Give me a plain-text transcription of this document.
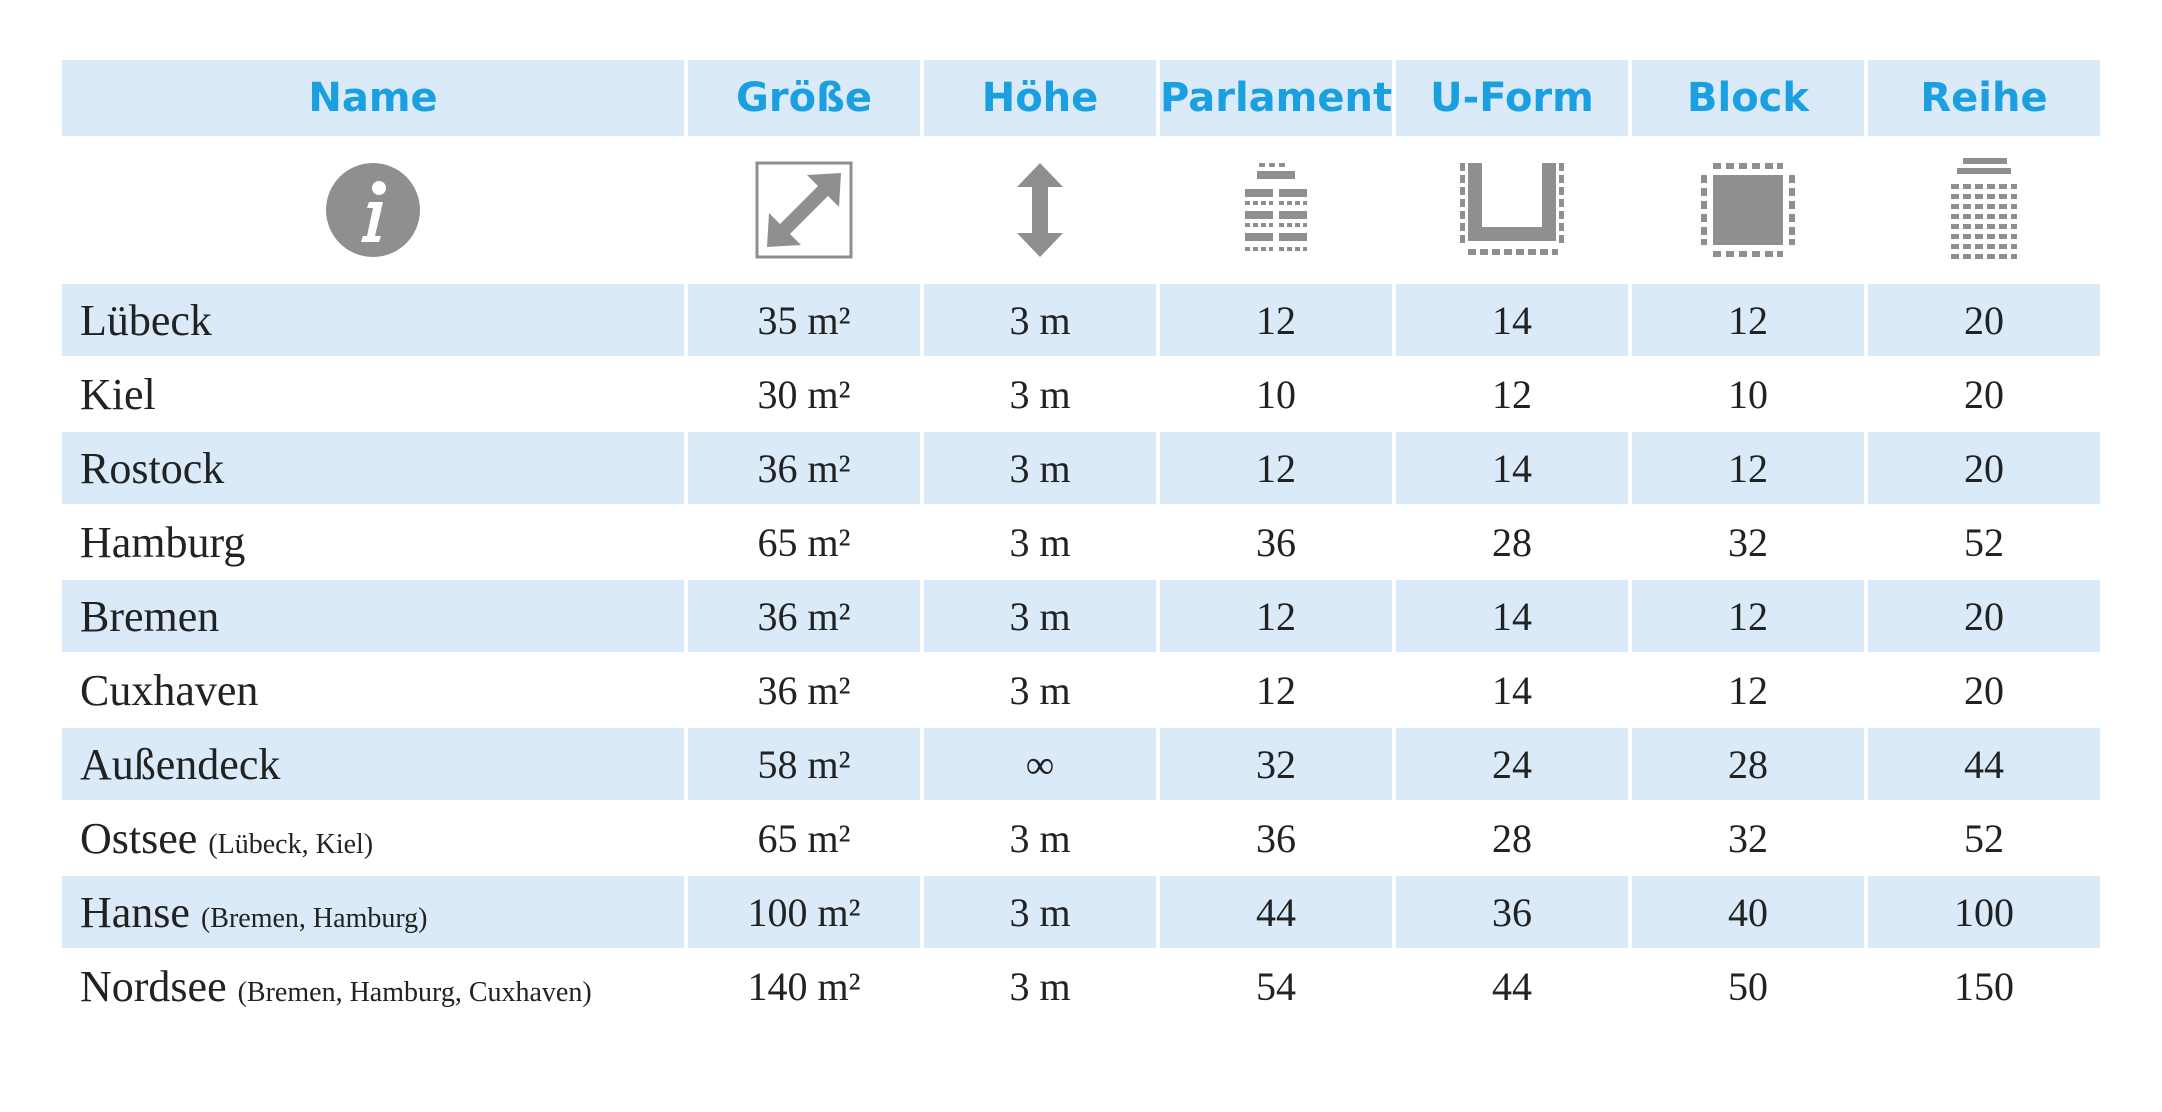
Name	Größe	Höhe	Parlament	U-Form	Block	Reihe

Lübeck	35 m²	3 m	12	14	12	20
Kiel	30 m²	3 m	10	12	10	20
Rostock	36 m²	3 m	12	14	12	20
Hamburg	65 m²	3 m	36	28	32	52
Bremen	36 m²	3 m	12	14	12	20
Cuxhaven	36 m²	3 m	12	14	12	20
Außendeck	58 m²	∞	32	24	28	44
Ostsee (Lübeck, Kiel)	65 m²	3 m	36	28	32	52
Hanse (Bremen, Hamburg)	100 m²	3 m	44	36	40	100
Nordsee (Bremen, Hamburg, Cuxhaven)	140 m²	3 m	54	44	50	150
